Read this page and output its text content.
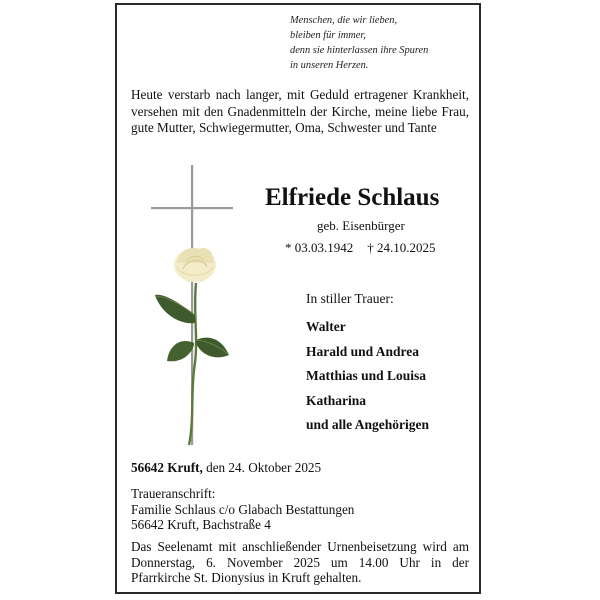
Menschen, die wir lieben,
bleiben für immer,
denn sie hinterlassen ihre Spuren
in unseren Herzen.
Heute verstarb nach langer, mit Geduld ertragener Krankheit, versehen mit den Gnadenmitteln der Kirche, meine liebe Frau, gute Mutter, Schwiegermutter, Oma, Schwester und Tante
Elfriede Schlaus
geb. Eisenbürger
* 03.03.1942 † 24.10.2025
In stiller Trauer:
Walter
Harald und Andrea
Matthias und Louisa
Katharina
und alle Angehörigen
56642 Kruft, den 24. Oktober 2025
Traueranschrift:
Familie Schlaus c/o Glabach Bestattungen
56642 Kruft, Bachstraße 4
Das Seelenamt mit anschließender Urnenbeisetzung wird am Donnerstag, 6. November 2025 um 14.00 Uhr in der Pfarrkirche St. Dionysius in Kruft gehalten.
